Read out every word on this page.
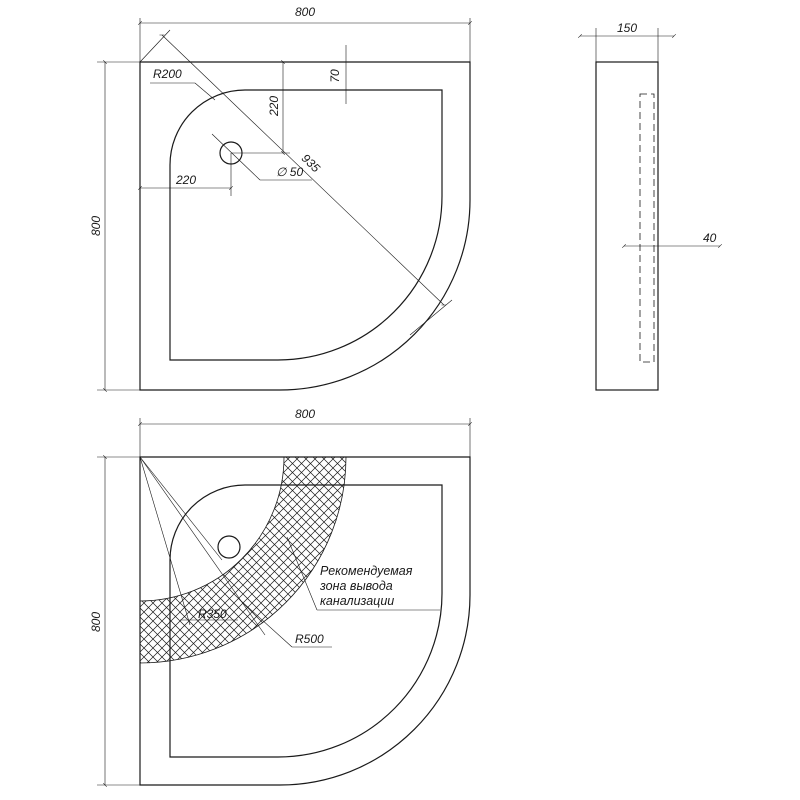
800
800
70
R200
220
220
935
∅ 50
150
40
800
800	R350
R500
Рекомендуемая зона вывода канализации
